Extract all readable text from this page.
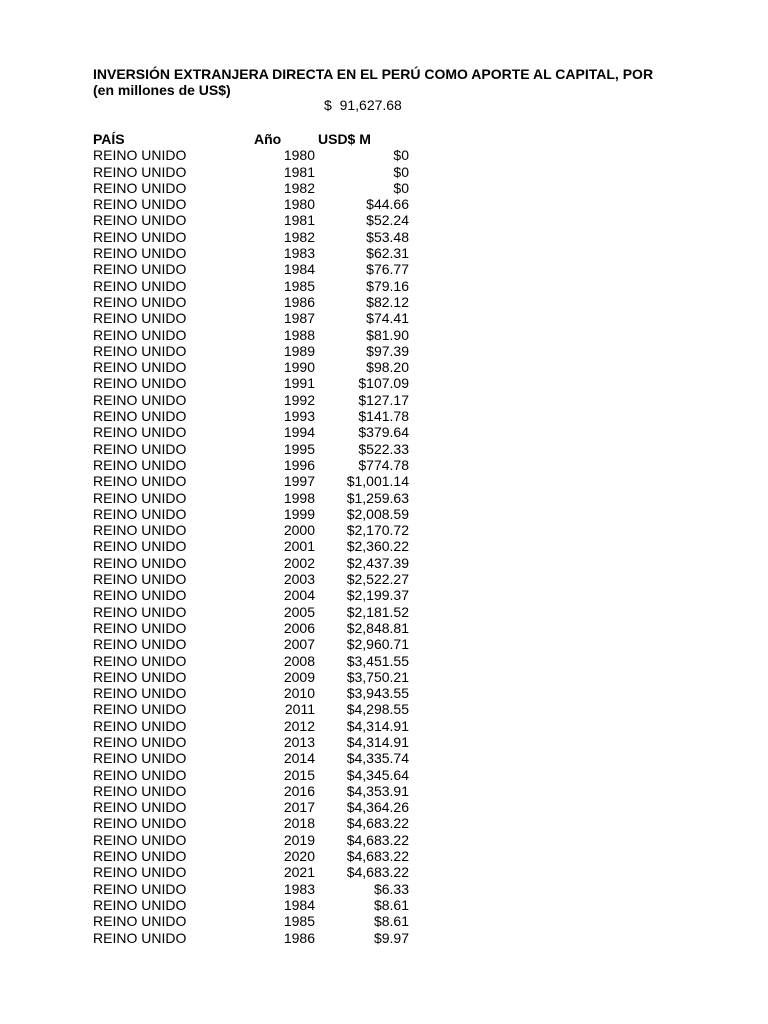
INVERSIÓN EXTRANJERA DIRECTA EN EL PERÚ COMO APORTE AL CAPITAL, POR
(en millones de US$)
$  91,627.68
PAÍS	Año	USD$ M
REINO UNIDO	1980	$0
REINO UNIDO	1981	$0
REINO UNIDO	1982	$0
REINO UNIDO	1980	$44.66
REINO UNIDO	1981	$52.24
REINO UNIDO	1982	$53.48
REINO UNIDO	1983	$62.31
REINO UNIDO	1984	$76.77
REINO UNIDO	1985	$79.16
REINO UNIDO	1986	$82.12
REINO UNIDO	1987	$74.41
REINO UNIDO	1988	$81.90
REINO UNIDO	1989	$97.39
REINO UNIDO	1990	$98.20
REINO UNIDO	1991	$107.09
REINO UNIDO	1992	$127.17
REINO UNIDO	1993	$141.78
REINO UNIDO	1994	$379.64
REINO UNIDO	1995	$522.33
REINO UNIDO	1996	$774.78
REINO UNIDO	1997 $1,001.14
REINO UNIDO	1998 $1,259.63
REINO UNIDO	1999 $2,008.59
REINO UNIDO	2000 $2,170.72
REINO UNIDO	2001 $2,360.22
REINO UNIDO	2002 $2,437.39
REINO UNIDO	2003 $2,522.27
REINO UNIDO	2004 $2,199.37
REINO UNIDO	2005 $2,181.52
REINO UNIDO	2006 $2,848.81
REINO UNIDO	2007 $2,960.71
REINO UNIDO	2008 $3,451.55
REINO UNIDO	2009 $3,750.21
REINO UNIDO	2010 $3,943.55
REINO UNIDO	2011 $4,298.55
REINO UNIDO	2012 $4,314.91
REINO UNIDO	2013 $4,314.91
REINO UNIDO	2014 $4,335.74
REINO UNIDO	2015 $4,345.64
REINO UNIDO	2016 $4,353.91
REINO UNIDO	2017 $4,364.26
REINO UNIDO	2018 $4,683.22
REINO UNIDO	2019 $4,683.22
REINO UNIDO	2020 $4,683.22
REINO UNIDO	2021 $4,683.22
REINO UNIDO	1983	$6.33
REINO UNIDO	1984	$8.61
REINO UNIDO	1985	$8.61
REINO UNIDO	1986	$9.97
